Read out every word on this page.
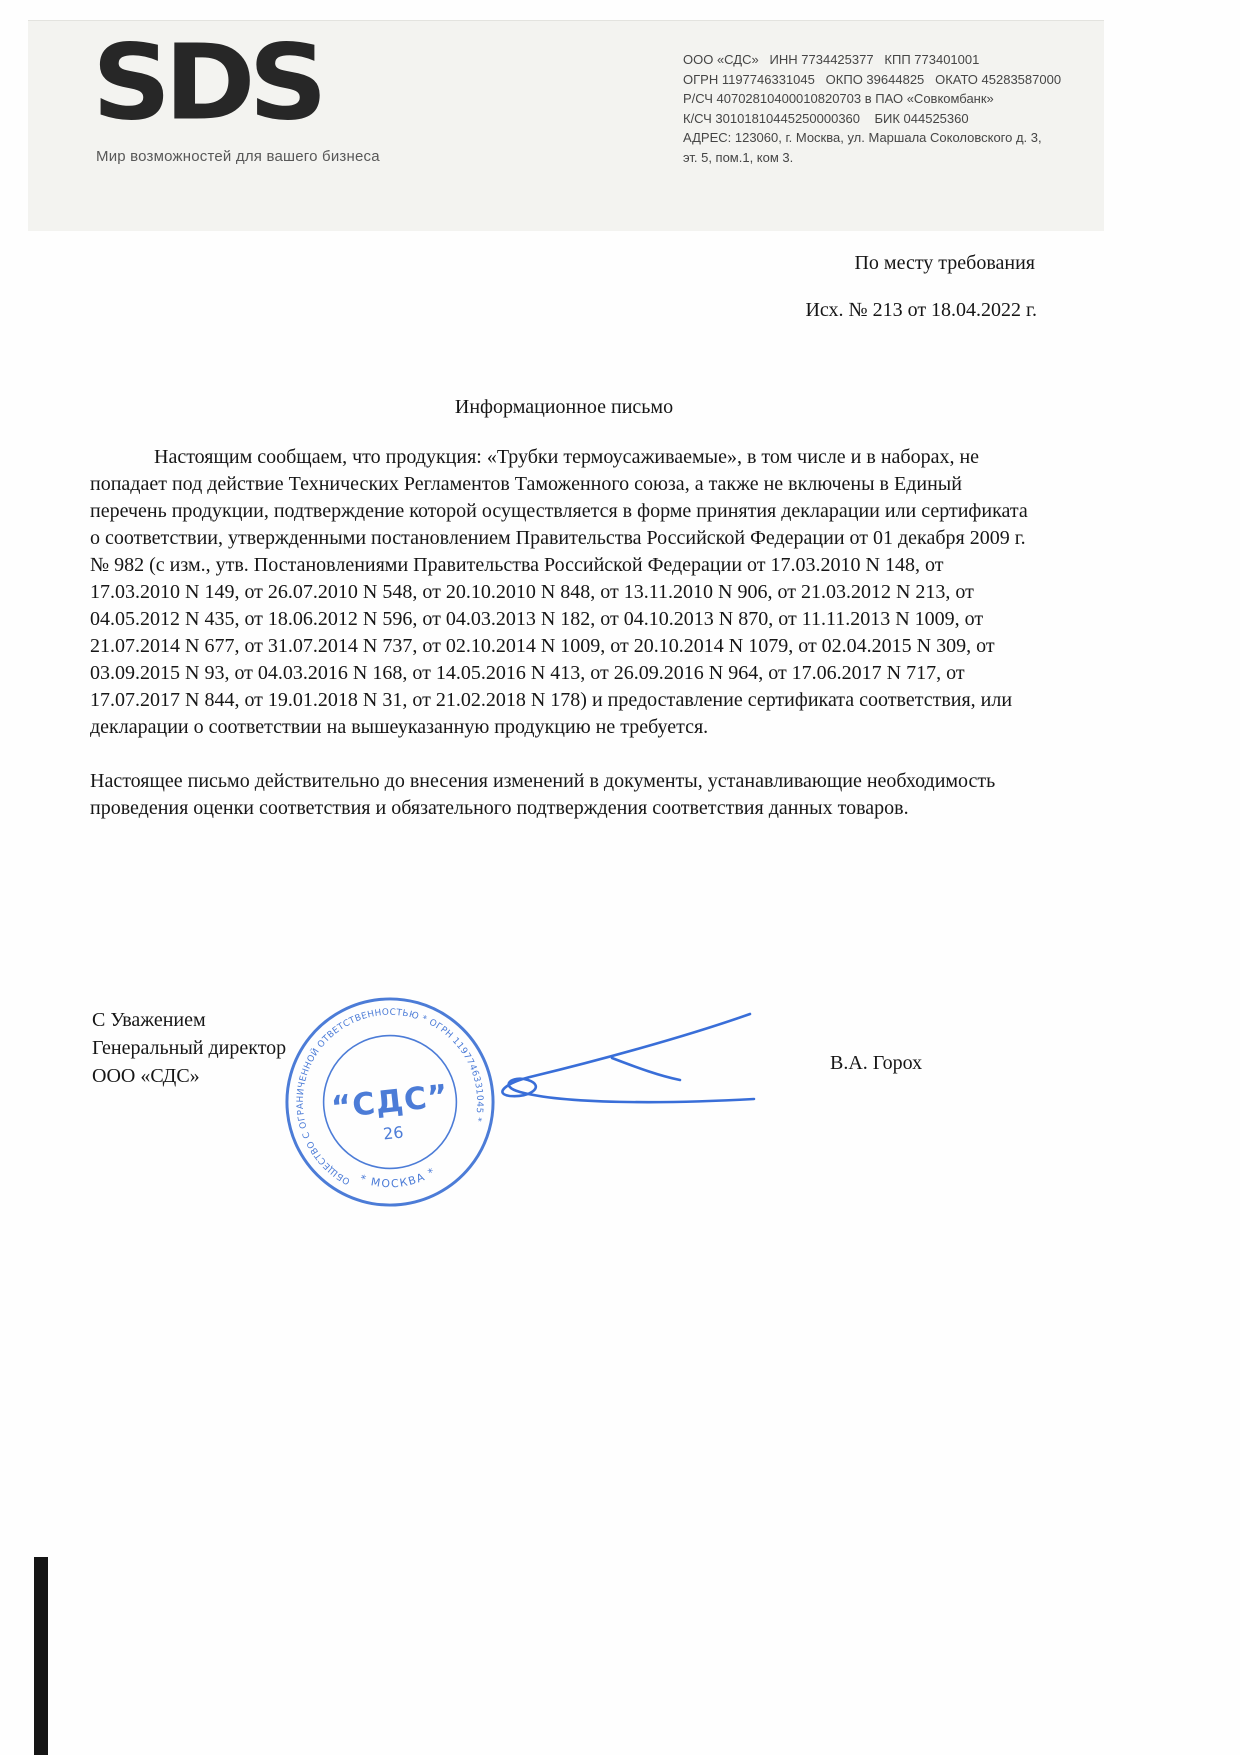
SDS
Мир возможностей для вашего бизнеса
ООО «СДС»   ИНН 7734425377   КПП 773401001
ОГРН 1197746331045   ОКПО 39644825   ОКАТО 45283587000
Р/СЧ 40702810400010820703 в ПАО «Совкомбанк»
К/СЧ 30101810445250000360    БИК 044525360
АДРЕС: 123060, г. Москва, ул. Маршала Соколовского д. 3,
эт. 5, пом.1, ком 3.
По месту требования
Исх. № 213 от 18.04.2022 г.
Информационное письмо

Настоящим сообщаем, что продукция: «Трубки термоусаживаемые», в том числе и в наборах, не попадает под действие Технических Регламентов Таможенного союза, а также не включены в Единый перечень продукции, подтверждение которой осуществляется в форме принятия декларации или сертификата о соответствии, утвержденными постановлением Правительства Российской Федерации от 01 декабря 2009 г. № 982 (с изм., утв. Постановлениями Правительства Российской Федерации от 17.03.2010 N 148, от 17.03.2010 N 149, от 26.07.2010 N 548, от 20.10.2010 N 848, от 13.11.2010 N 906, от 21.03.2012 N 213, от 04.05.2012 N 435, от 18.06.2012 N 596, от 04.03.2013 N 182, от 04.10.2013 N 870, от 11.11.2013 N 1009, от 21.07.2014 N 677, от 31.07.2014 N 737, от 02.10.2014 N 1009, от 20.10.2014 N 1079, от 02.04.2015 N 309, от 03.09.2015 N 93, от 04.03.2016 N 168, от 14.05.2016 N 413, от 26.09.2016 N 964, от 17.06.2017 N 717, от 17.07.2017 N 844, от 19.01.2018 N 31, от 21.02.2018 N 178) и предоставление сертификата соответствия, или декларации о соответствии на вышеуказанную продукцию не требуется.

Настоящее письмо действительно до внесения изменений в документы, устанавливающие необходимость проведения оценки соответствия и обязательного подтверждения соответствия данных товаров.

С Уважением
Генеральный директор
ООО «СДС»
В.А. Горох
ОБЩЕСТВО С ОГРАНИЧЕННОЙ ОТВЕТСТВЕННОСТЬЮ * ОГРН 1197746331045 *
* МОСКВА *
“СДС”
26
